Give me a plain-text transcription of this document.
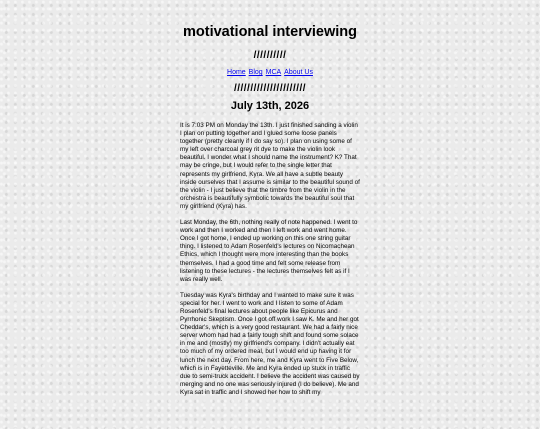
motivational interviewing
//////////
Home Blog MCA About Us
//////////////////////
July 13th, 2026

It is 7:03 PM on Monday the 13th. I just finished sanding a violin I plan on putting together and I glued some loose panels together (pretty cleanly if I do say so). I plan on using some of my left over charcoal grey rit dye to make the violin look beautiful. I wonder what I should name the instrument? K? That may be cringe, but I would refer to the single letter that represents my girlfriend, Kyra. We all have a subtle beauty inside ourselves that I assume is similar to the beautiful sound of the violin - I just believe that the timbre from the violin in the orchestra is beautifully symbolic towards the beautiful soul that my girlfriend (Kyra) has.

Last Monday, the 6th, nothing really of note happened. I went to work and then I worked and then I left work and went home. Once I got home, I ended up working on this one string guitar thing. I listened to Adam Rosenfeld's lectures on Nicomachean Ethics, which I thought were more interesting than the books themselves. I had a good time and felt some release from listening to these lectures - the lectures themselves felt as if I was really well.

Tuesday was Kyra's birthday and I wanted to make sure it was special for her. I went to work and I listen to some of Adam Rosenfeld's final lectures about people like Epicurus and Pyrrhonic Skeptism. Once I got off work I saw K. Me and her got Cheddar's, which is a very good restaurant. We had a fairly nice server whom had had a fairly tough shift and found some solace in me and (mostly) my girlfriend's company. I didn't actually eat too much of my ordered meal, but I would end up having it for lunch the next day. From here, me and Kyra went to Five Below, which is in Fayetteville. Me and Kyra ended up stuck in traffic due to semi-truck accident. I believe the accident was caused by merging and no one was seriously injured (I do believe). Me and Kyra sat in traffic and I showed her how to shift my
